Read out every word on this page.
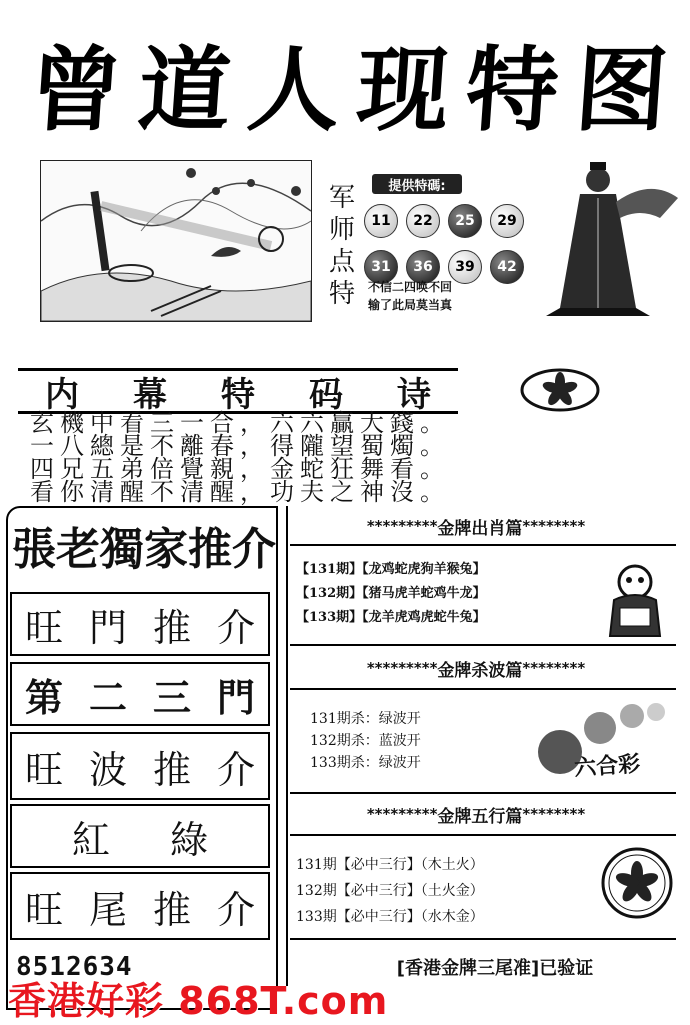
曾 道 人 现 特 图
军
师
点
特
提供特碼:
11	22	25	29
31	36	39	42
不信二四唤不回
输了此局莫当真
内 幕 特 码 诗
玄機中看三一合，六六贏大錢。
一八總是不離春，得隴望蜀燭。
四兄五弟倍覺親，金蛇狂舞看。
看你清醒不清醒，功夫之神沒。
張 老 獨 家 推 介
旺 門 推 介
第 二 三 門
旺 波 推 介
紅 綠
旺 尾 推 介
8512634
********* 金牌出肖篇 ********
【131期】【龙鸡蛇虎狗羊猴兔】
【132期】【猪马虎羊蛇鸡牛龙】
【133期】【龙羊虎鸡虎蛇牛兔】
********* 金牌杀波篇 ********
131期杀：绿波开
132期杀：蓝波开
133期杀：绿波开	六合彩
********* 金牌五行篇 ********
131期【必中三行】（木土火）
132期【必中三行】（土火金）
133期【必中三行】（水木金）
[香港金牌三尾准]已验证
香港好彩 868T.com
